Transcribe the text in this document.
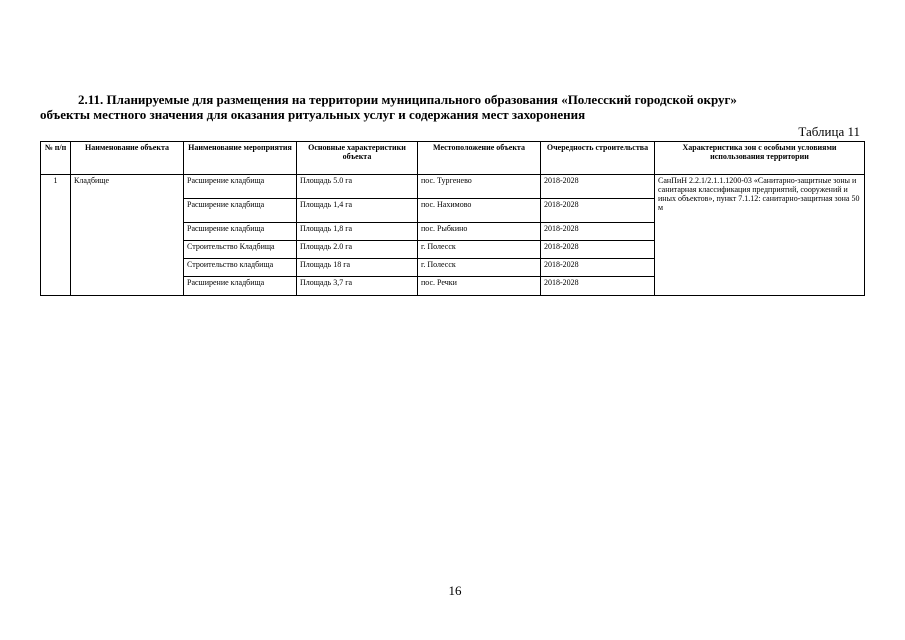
2.11. Планируемые для размещения на территории муниципального образования «Полесский городской округ»
объекты местного значения для оказания ритуальных услуг и содержания мест захоронения
Таблица 11
№ п/п	Наименование объекта	Наименование мероприятия	Основные характеристики объекта	Местоположение объекта	Очередность строительства	Характеристика зон с особыми условиями использования территории
1	Кладбище	Расширение кладбища	Площадь 5.0 га	пос. Тургенево	2018-2028	СанПиН 2.2.1/2.1.1.1200-03 «Санитарно-защитные зоны и санитарная классификация предприятий, сооружений и иных объектов», пункт 7.1.12: санитарно-защитная зона 50 м
		Расширение кладбища	Площадь 1,4 га	пос. Нахимово	2018-2028	
		Расширение кладбища	Площадь 1,8 га	пос. Рыбкино	2018-2028	
		Строительство Кладбища	Площадь 2.0 га	г. Полесск	2018-2028	
		Строительство кладбища	Площадь 18 га	г. Полесск	2018-2028	
		Расширение кладбища	Площадь 3,7 га	пос. Речки	2018-2028	
16
